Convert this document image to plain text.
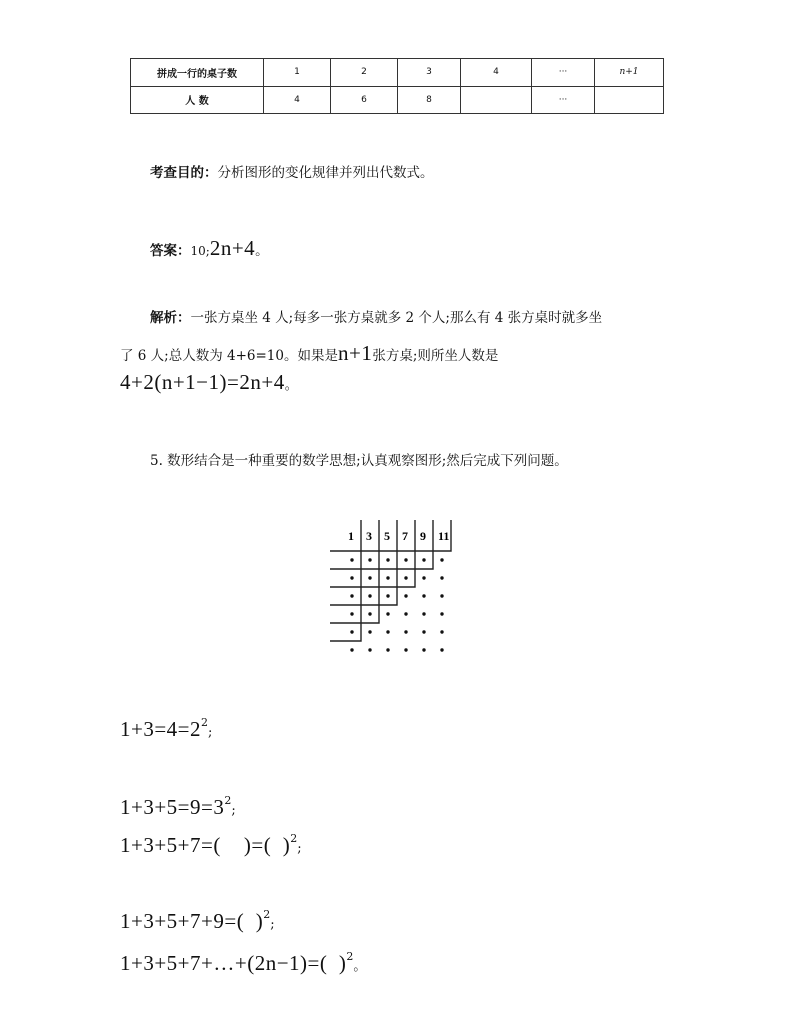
拼成一行的桌子数	1	2	3	4	···	n+1
人 数	4	6	8		···	
考查目的：分析图形的变化规律并列出代数式。
答案：10;2n+4。
解析：一张方桌坐 4 人;每多一张方桌就多 2 个人;那么有 4 张方桌时就多坐
了 6 人;总人数为 4+6=10。如果是n+1张方桌;则所坐人数是
4+2(n+1−1)=2n+4。
5. 数形结合是一种重要的数学思想;认真观察图形;然后完成下列问题。
1 3 5 7 9 11
$1+3=4=2^2$;
$1+3+5=9=3^2$;
1+3+5+7=(    )=(  )$^2$;
1+3+5+7+9=(  )$^2$;
1+3+5+7+…+(2n−1)=(  )$^2$。
